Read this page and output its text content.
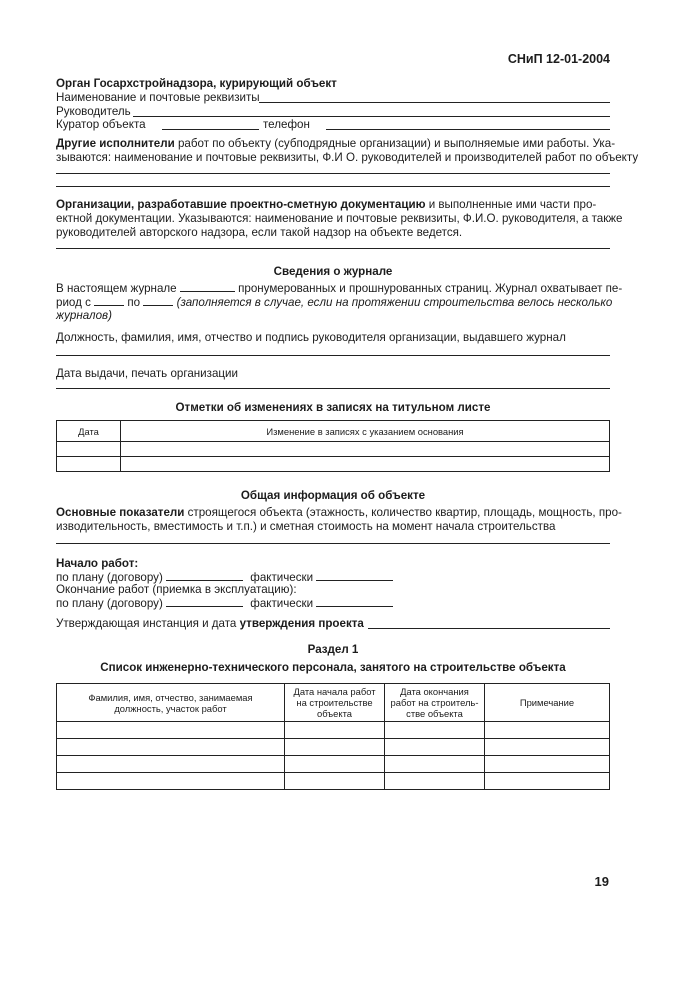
СНиП 12-01-2004
Орган Госархстройнадзора, курирующий объект
Наименование и почтовые реквизиты
Руководитель
Куратор объекта	телефон
Другие исполнители работ по объекту (субподрядные организации) и выполняемые ими работы. Ука-
зываются: наименование и почтовые реквизиты, Ф.И О. руководителей и производителей работ по объекту
Организации, разработавшие проектно-сметную документацию и выполненные ими части про-
ектной документации. Указываются: наименование и почтовые реквизиты, Ф.И.О. руководителя, а также
руководителей авторского надзора, если такой надзор на объекте ведется.
Сведения о журнале
В настоящем журнале	пронумерованных и прошнурованных страниц. Журнал охватывает пе-
риод с	по	(заполняется в случае, если на протяжении строительства велось несколько
журналов)
Должность, фамилия, имя, отчество и подпись руководителя организации, выдавшего журнал
Дата выдачи, печать организации
Отметки об изменениях в записях на титульном листе
Дата	Изменение в записях с указанием основания

Общая информация об объекте
Основные показатели строящегося объекта (этажность, количество квартир, площадь, мощность, про-
изводительность, вместимость и т.п.) и сметная стоимость на момент начала строительства
Начало работ:
по плану (договору)	фактически
Окончание работ (приемка в эксплуатацию):
по плану (договору)	фактически
Утверждающая инстанция и дата утверждения проекта
Раздел 1
Список инженерно-технического персонала, занятого на строительстве объекта
Фамилия, имя, отчество, занимаемая должность, участок работ	Дата начала работ на строительстве объекта	Дата окончания работ на строитель- стве объекта	Примечание

19
